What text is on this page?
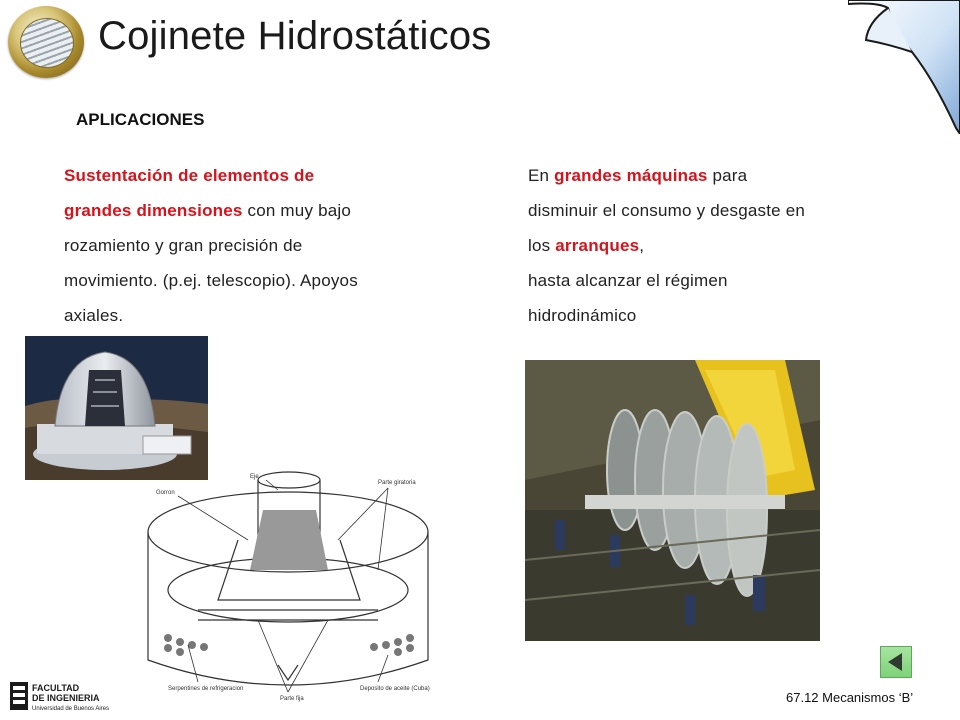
Cojinete Hidrostáticos
APLICACIONES
Sustentación de elementos de
grandes dimensiones con muy bajo
rozamiento y gran precisión de
movimiento. (p.ej. telescopio). Apoyos
axiales.
En grandes máquinas para
disminuir el consumo y desgaste en
los arranques,
hasta alcanzar el régimen
hidrodinámico
Gorron
Eje
Parte giratoria
Serpentines de refrigeracion
Parte fija
Deposito de aceite (Cuba)
FACULTAD
DE INGENIERIA
Universidad de Buenos Aires
67.12 Mecanismos ‘B’
